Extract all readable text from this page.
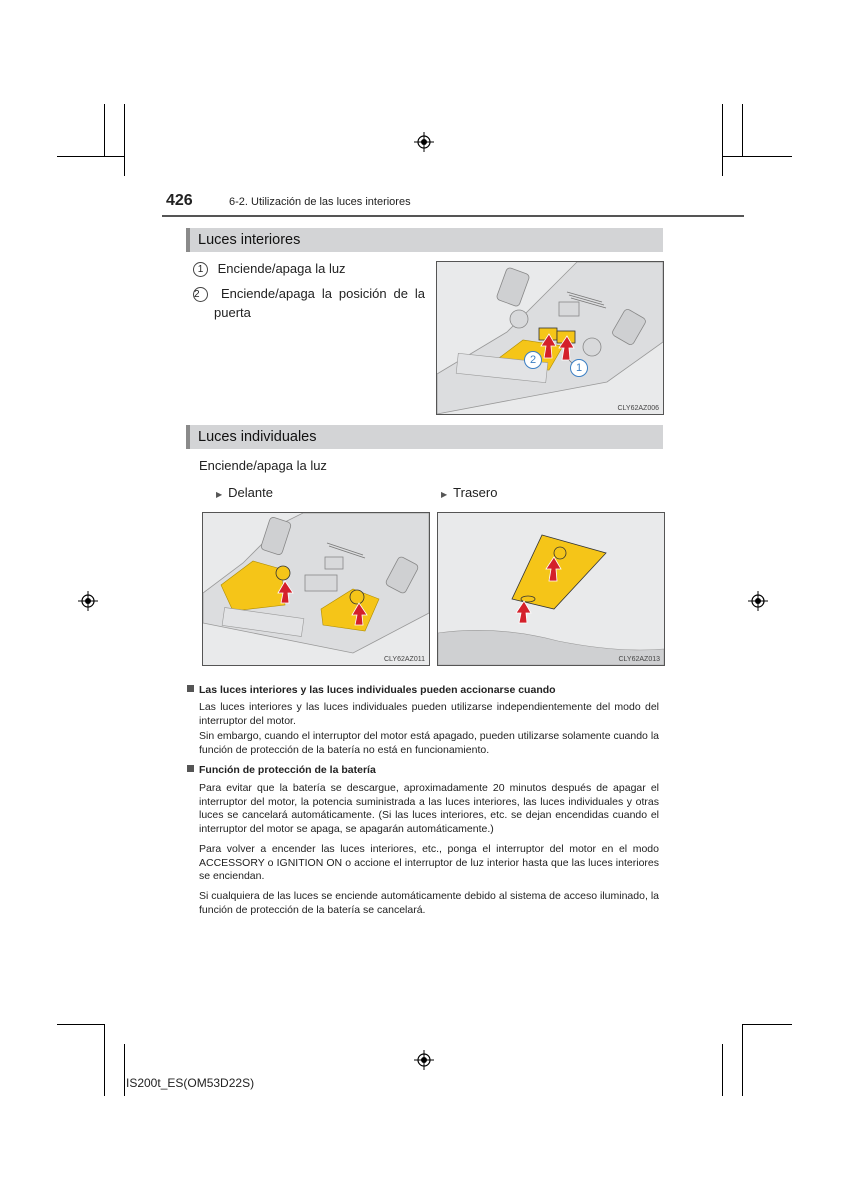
426	6-2. Utilización de las luces interiores
Luces interiores
1 Enciende/apaga la luz
2 Enciende/apaga la posición de la
puerta
2
1
CLY62AZ006
Luces individuales
Enciende/apaga la luz
▶ Delante	▶ Trasero
CLY62AZ011	CLY62AZ013
Las luces interiores y las luces individuales pueden accionarse cuando
Las luces interiores y las luces individuales pueden utilizarse independientemente del modo del interruptor del motor.
Sin embargo, cuando el interruptor del motor está apagado, pueden utilizarse solamente cuando la función de protección de la batería no está en funcionamiento.
Función de protección de la batería
Para evitar que la batería se descargue, aproximadamente 20 minutos después de apagar el interruptor del motor, la potencia suministrada a las luces interiores, las luces individuales y otras luces se cancelará automáticamente. (Si las luces interiores, etc. se dejan encendidas cuando el interruptor del motor se apaga, se apagarán automáticamente.)
Para volver a encender las luces interiores, etc., ponga el interruptor del motor en el modo ACCESSORY o IGNITION ON o accione el interruptor de luz interior hasta que las luces interiores se enciendan.
Si cualquiera de las luces se enciende automáticamente debido al sistema de acceso iluminado, la función de protección de la batería se cancelará.
IS200t_ES(OM53D22S)
